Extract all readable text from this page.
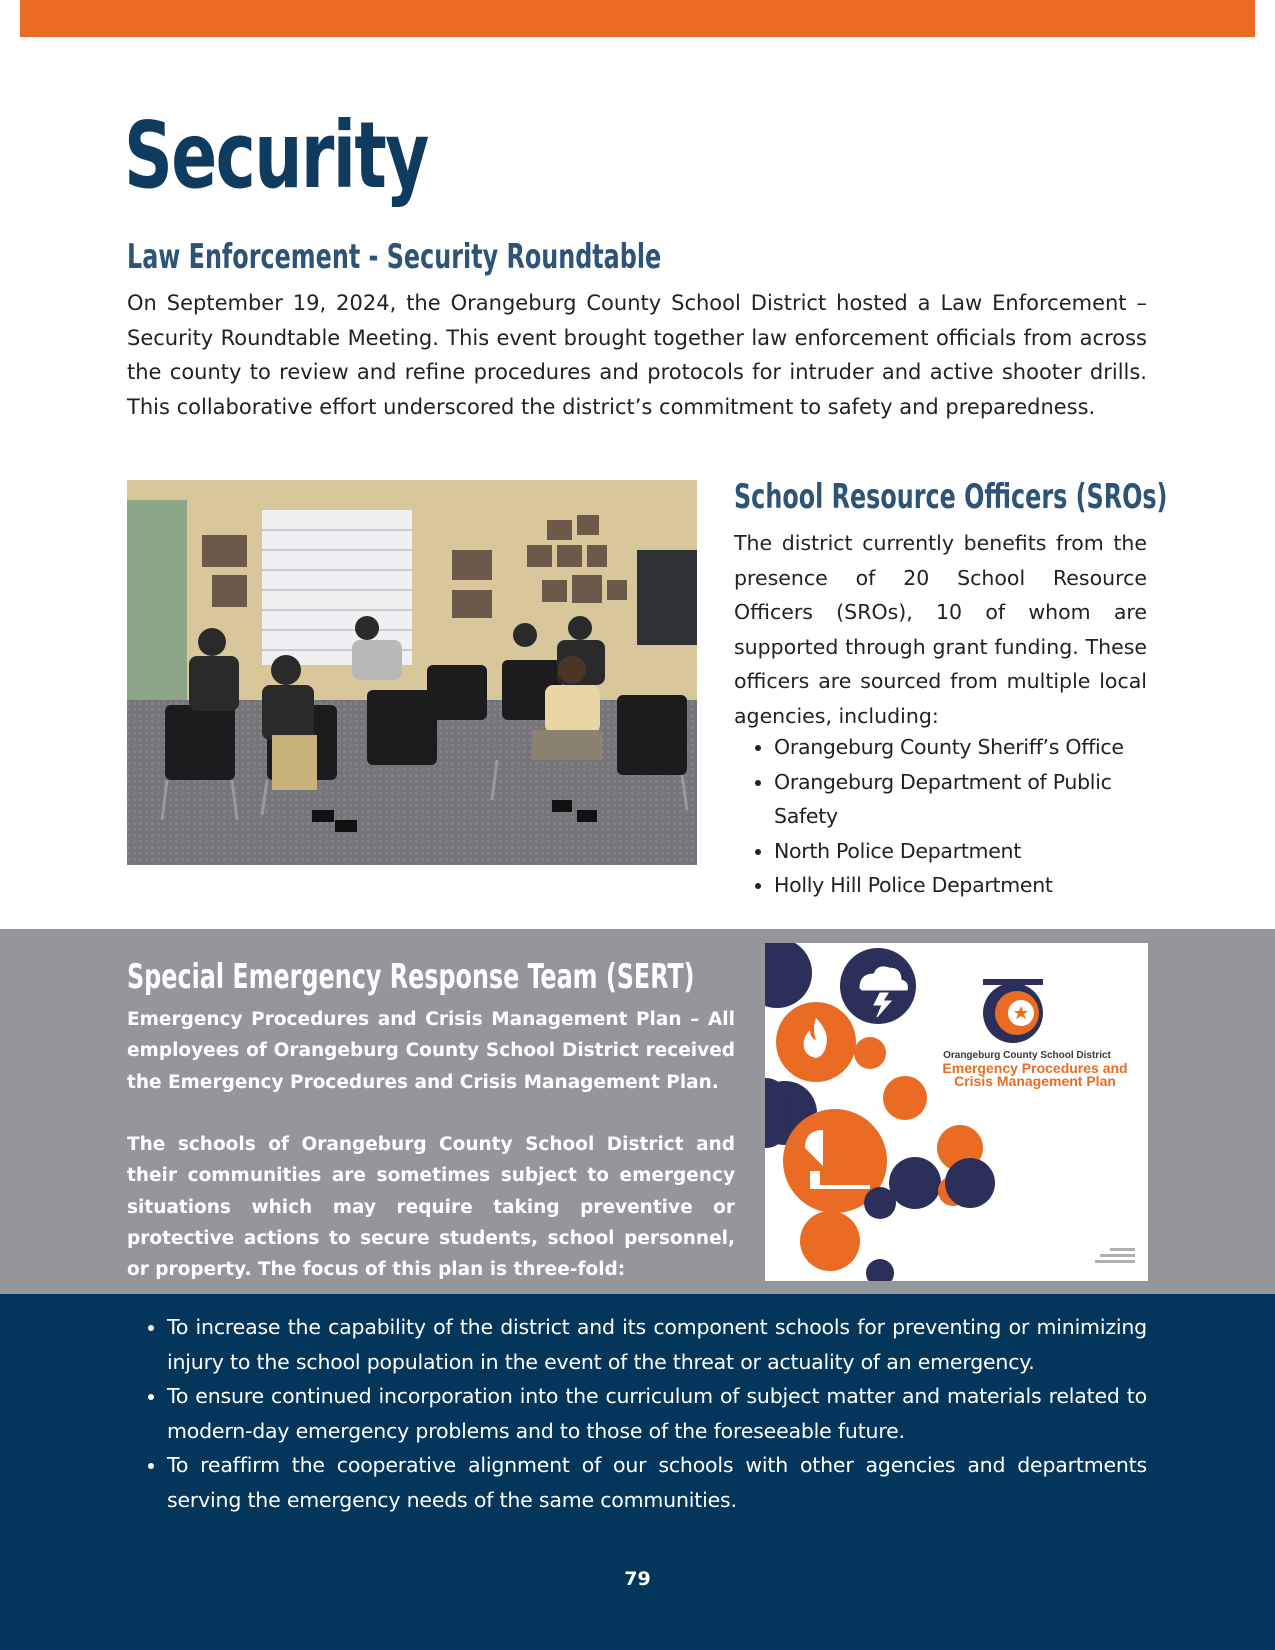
Security
Law Enforcement - Security Roundtable

On September 19, 2024, the Orangeburg County School District hosted a Law Enforcement – Security Roundtable Meeting. This event brought together law enforcement officials from across the county to review and refine procedures and protocols for intruder and active shooter drills. This collaborative effort underscored the district’s commitment to safety and preparedness.

School Resource Officers (SROs)

The district currently benefits from the presence of 20 School Resource Officers (SROs), 10 of whom are supported through grant funding. These officers are sourced from multiple local agencies, including:

• Orangeburg County Sheriff’s Office
• Orangeburg Department of Public Safety
• North Police Department
• Holly Hill Police Department
Special Emergency Response Team (SERT)

Emergency Procedures and Crisis Management Plan – All employees of Orangeburg County School District received the Emergency Procedures and Crisis Management Plan.

The schools of Orangeburg County School District and their communities are sometimes subject to emergency situations which may require taking preventive or protective actions to secure students, school personnel, or property. The focus of this plan is three-fold:

Orangeburg County School District
Emergency Procedures and
Crisis Management Plan
• To increase the capability of the district and its component schools for preventing or minimizing injury to the school population in the event of the threat or actuality of an emergency.
• To ensure continued incorporation into the curriculum of subject matter and materials related to modern-day emergency problems and to those of the foreseeable future.
• To reaffirm the cooperative alignment of our schools with other agencies and departments serving the emergency needs of the same communities.
79
